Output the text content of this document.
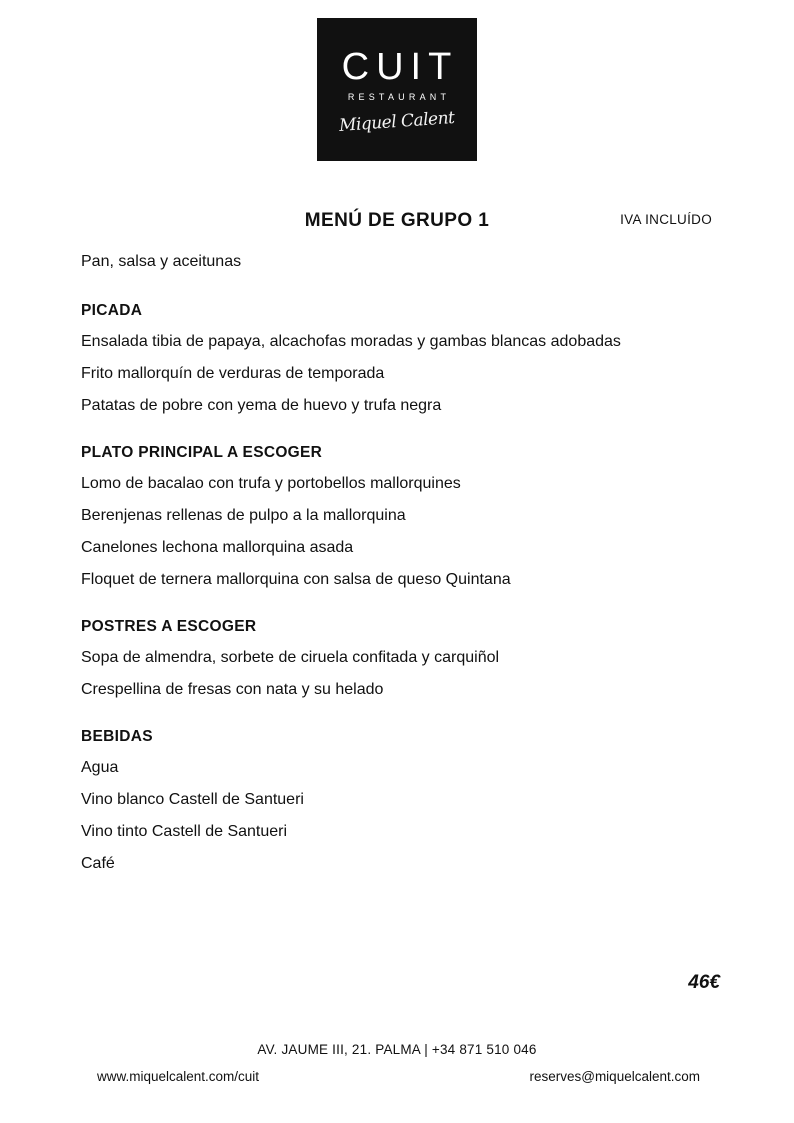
CUIT
RESTAURANT
Miquel Calent
MENÚ DE GRUPO 1	IVA INCLUÍDO
Pan, salsa y aceitunas
PICADA
Ensalada tibia de papaya, alcachofas moradas y gambas blancas adobadas
Frito mallorquín de verduras de temporada
Patatas de pobre con yema de huevo y trufa negra
PLATO PRINCIPAL A ESCOGER
Lomo de bacalao con trufa y portobellos mallorquines
Berenjenas rellenas de pulpo a la mallorquina
Canelones lechona mallorquina asada
Floquet de ternera mallorquina con salsa de queso Quintana
POSTRES A ESCOGER
Sopa de almendra, sorbete de ciruela confitada y carquiñol
Crespellina de fresas con nata y su helado
BEBIDAS
Agua
Vino blanco Castell de Santueri
Vino tinto Castell de Santueri
Café
46€
AV. JAUME III, 21. PALMA | +34 871 510 046
www.miquelcalent.com/cuit	reserves@miquelcalent.com
